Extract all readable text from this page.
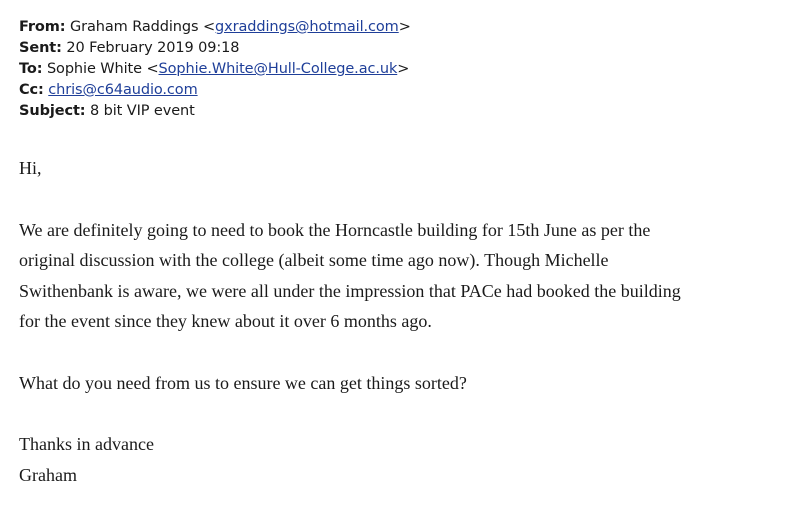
From: Graham Raddings <gxraddings@hotmail.com>
Sent: 20 February 2019 09:18
To: Sophie White <Sophie.White@Hull-College.ac.uk>
Cc: chris@c64audio.com
Subject: 8 bit VIP event

Hi,

We are definitely going to need to book the Horncastle building for 15th June as per the
original discussion with the college (albeit some time ago now). Though Michelle
Swithenbank is aware, we were all under the impression that PACe had booked the building
for the event since they knew about it over 6 months ago.

What do you need from us to ensure we can get things sorted?

Thanks in advance
Graham
